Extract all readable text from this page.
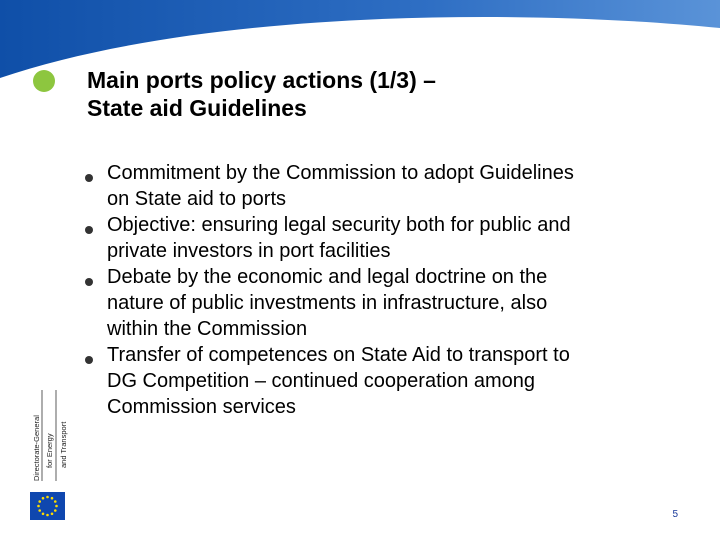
Main ports policy actions (1/3) –
State aid Guidelines
Commitment by the Commission to adopt Guidelines
on State aid to ports
Objective: ensuring legal security both for public and
private investors in port facilities
Debate by the economic and legal doctrine on the
nature of public investments in infrastructure, also
within the Commission
Transfer of competences on State Aid to transport to
DG Competition – continued cooperation among
Commission services
Directorate-General for Energy and Transport
5
